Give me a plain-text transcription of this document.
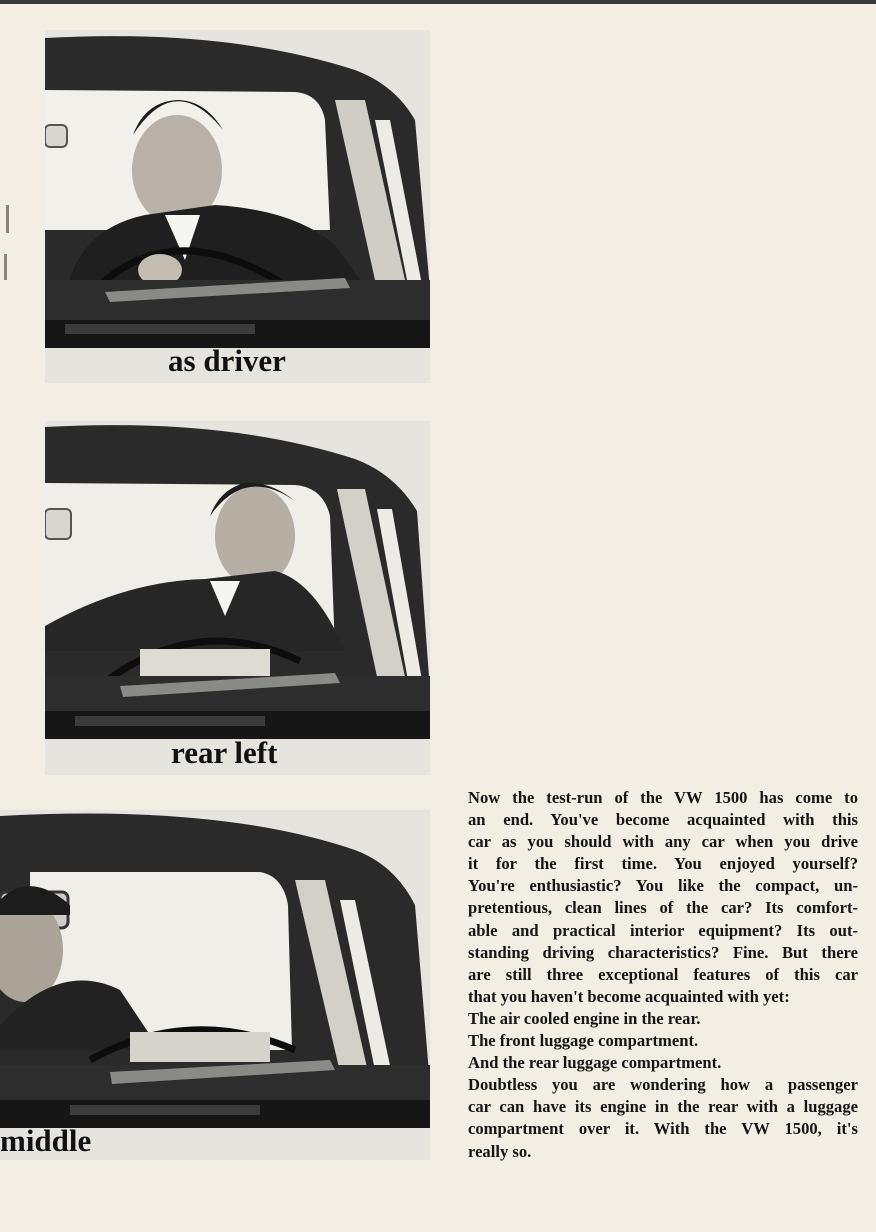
as driver
rear left
middle
Now the test-run of the VW 1500 has come to
an end. You've become acquainted with this
car as you should with any car when you drive
it for the first time. You enjoyed yourself?
You're enthusiastic? You like the compact, un-
pretentious, clean lines of the car? Its comfort-
able and practical interior equipment? Its out-
standing driving characteristics? Fine. But there
are still three exceptional features of this car
that you haven't become acquainted with yet:
The air cooled engine in the rear.
The front luggage compartment.
And the rear luggage compartment.
Doubtless you are wondering how a passenger
car can have its engine in the rear with a luggage
compartment over it. With the VW 1500, it's
really so.
